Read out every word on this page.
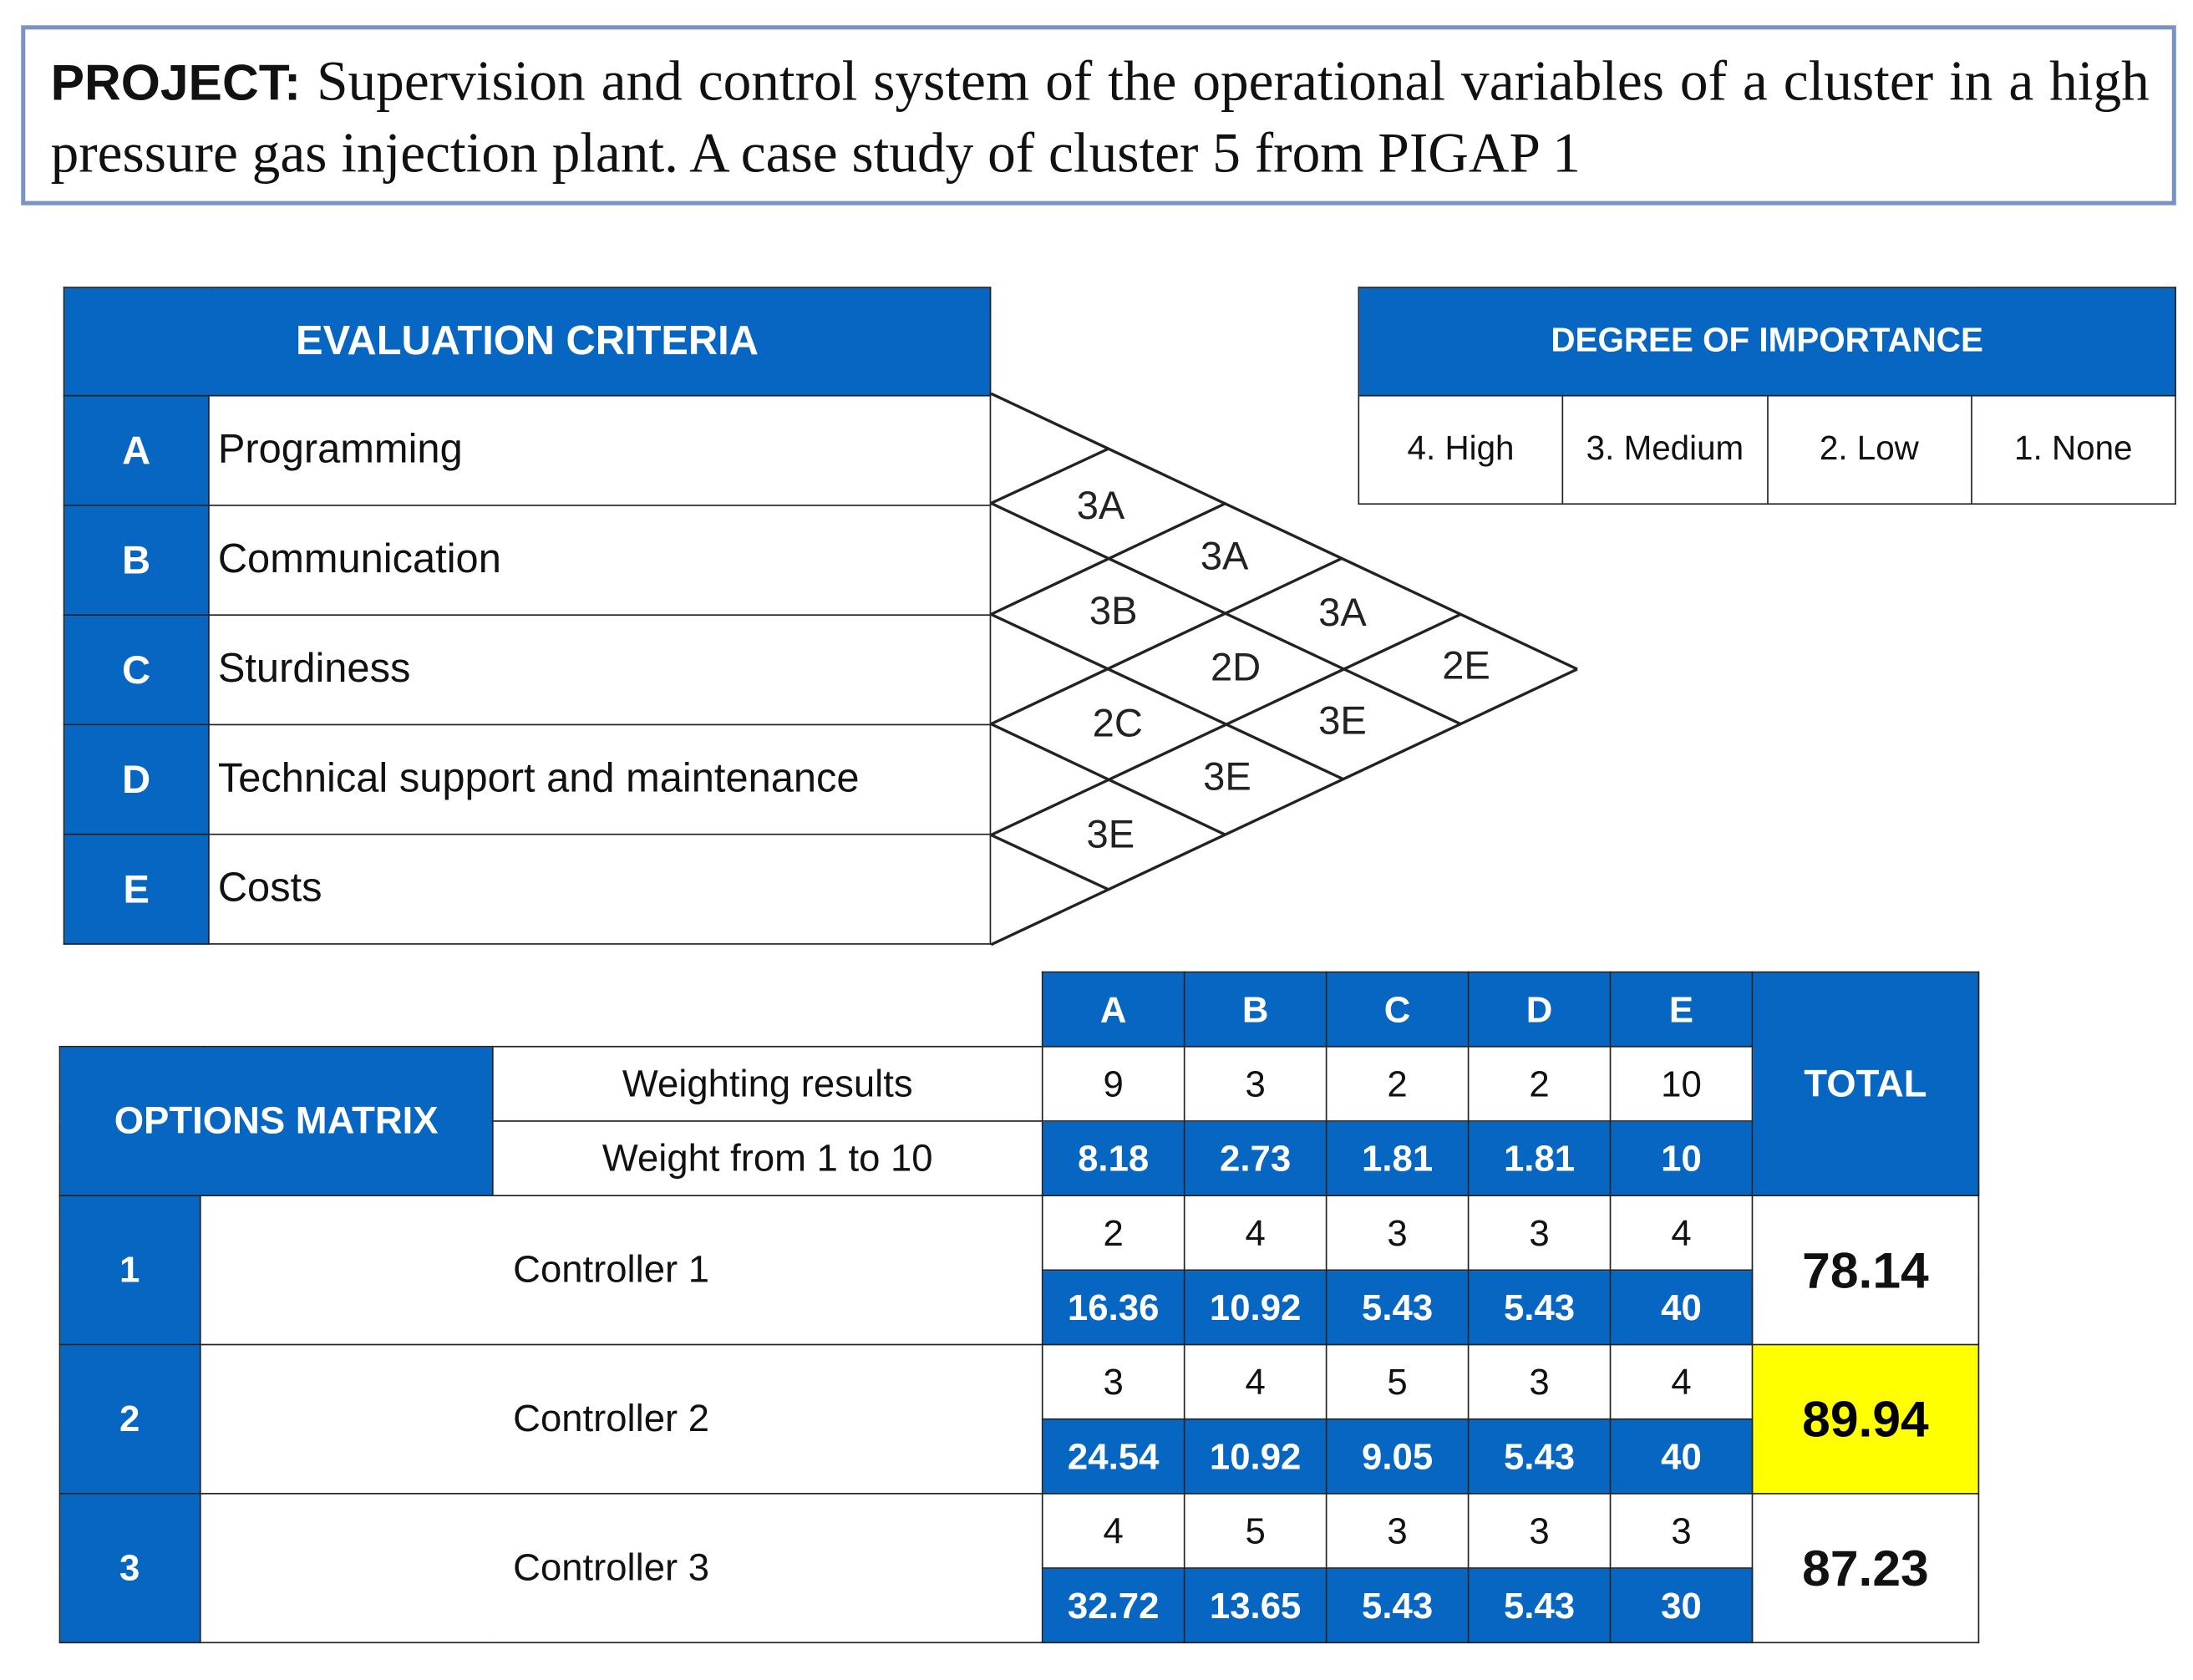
PROJECT: Supervision and control system of the operational variables of a cluster in a high pressure gas injection plant. A case study of cluster 5 from PIGAP 1
EVALUATION CRITERIA	
A	Programming
B	Communication
C	Sturdiness
D	Technical support and maintenance
E	Costs
3A
3A
3A
2E
3B
2D
3E
2C
3E
3E
DEGREE OF IMPORTANCE
4. High	3. Medium	2. Low	1. None
			A	B	C	D	E	TOTAL
OPTIONS MATRIX		Weighting results	9	3	2	2	10	
		Weight from 1 to 10	8.18	2.73	1.81	1.81	10	
1	Controller 1		2	4	3	3	4	78.14
			16.36	10.92	5.43	5.43	40	
2	Controller 2		3	4	5	3	4	89.94
			24.54	10.92	9.05	5.43	40	
3	Controller 3		4	5	3	3	3	87.23
			32.72	13.65	5.43	5.43	30	
